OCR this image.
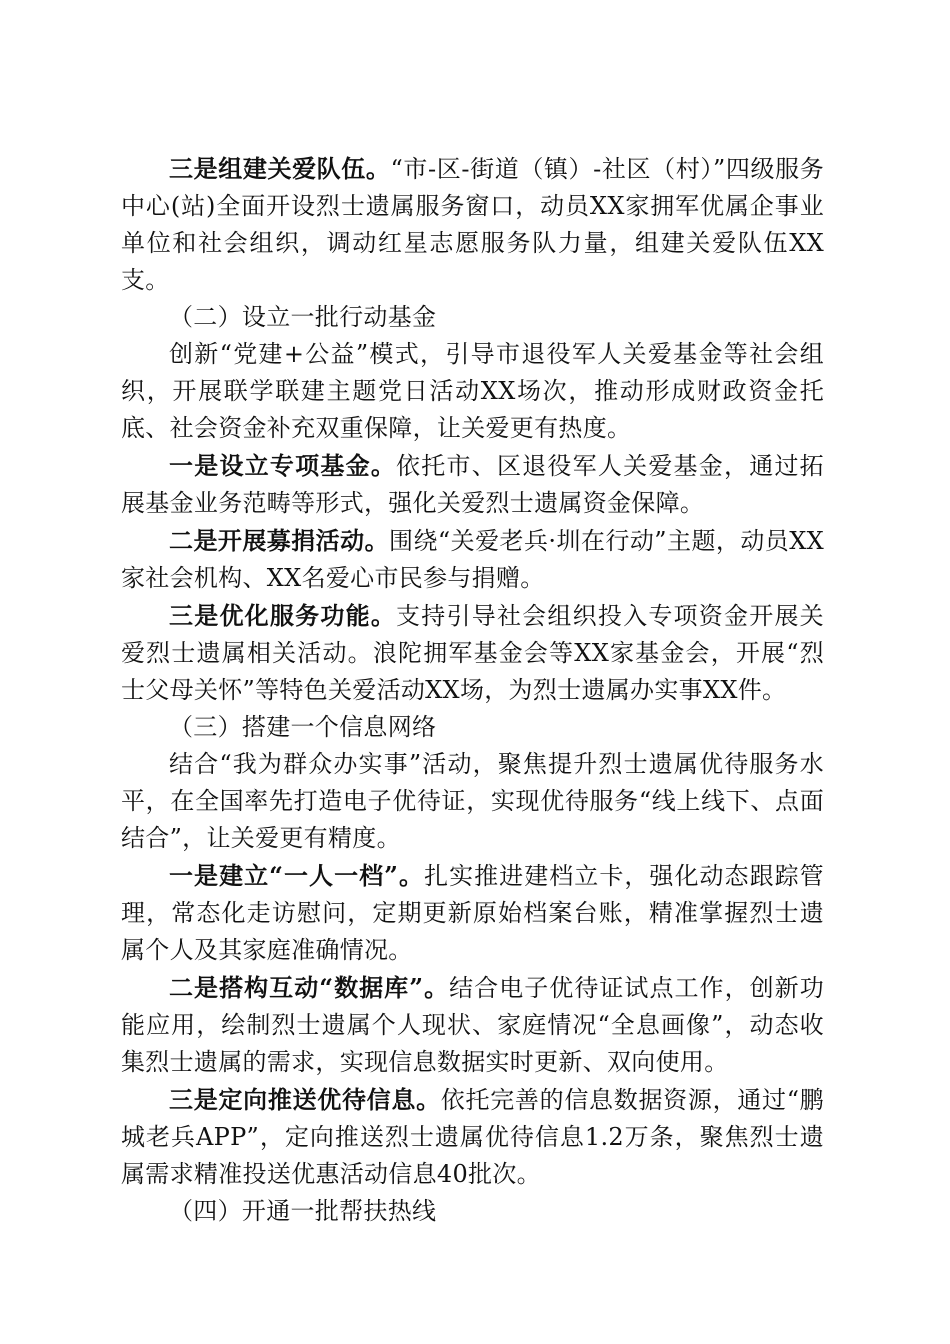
三是组建关爱队伍。“市-区-街道（镇）-社区（村）”四级服务中心(站)全面开设烈士遗属服务窗口，动员XX家拥军优属企事业单位和社会组织，调动红星志愿服务队力量，组建关爱队伍XX支。

（二）设立一批行动基金

创新“党建+公益”模式，引导市退役军人关爱基金等社会组织，开展联学联建主题党日活动XX场次，推动形成财政资金托底、社会资金补充双重保障，让关爱更有热度。

一是设立专项基金。依托市、区退役军人关爱基金，通过拓展基金业务范畴等形式，强化关爱烈士遗属资金保障。

二是开展募捐活动。围绕“关爱老兵·圳在行动”主题，动员XX家社会机构、XX名爱心市民参与捐赠。

三是优化服务功能。支持引导社会组织投入专项资金开展关爱烈士遗属相关活动。浪陀拥军基金会等XX家基金会，开展“烈士父母关怀”等特色关爱活动XX场，为烈士遗属办实事XX件。

（三）搭建一个信息网络

结合“我为群众办实事”活动，聚焦提升烈士遗属优待服务水平，在全国率先打造电子优待证，实现优待服务“线上线下、点面结合”，让关爱更有精度。

一是建立“一人一档”。扎实推进建档立卡，强化动态跟踪管理，常态化走访慰问，定期更新原始档案台账，精准掌握烈士遗属个人及其家庭准确情况。

二是搭构互动“数据库”。结合电子优待证试点工作，创新功能应用，绘制烈士遗属个人现状、家庭情况“全息画像”，动态收集烈士遗属的需求，实现信息数据实时更新、双向使用。

三是定向推送优待信息。依托完善的信息数据资源，通过“鹏城老兵APP”，定向推送烈士遗属优待信息1.2万条，聚焦烈士遗属需求精准投送优惠活动信息40批次。

（四）开通一批帮扶热线
